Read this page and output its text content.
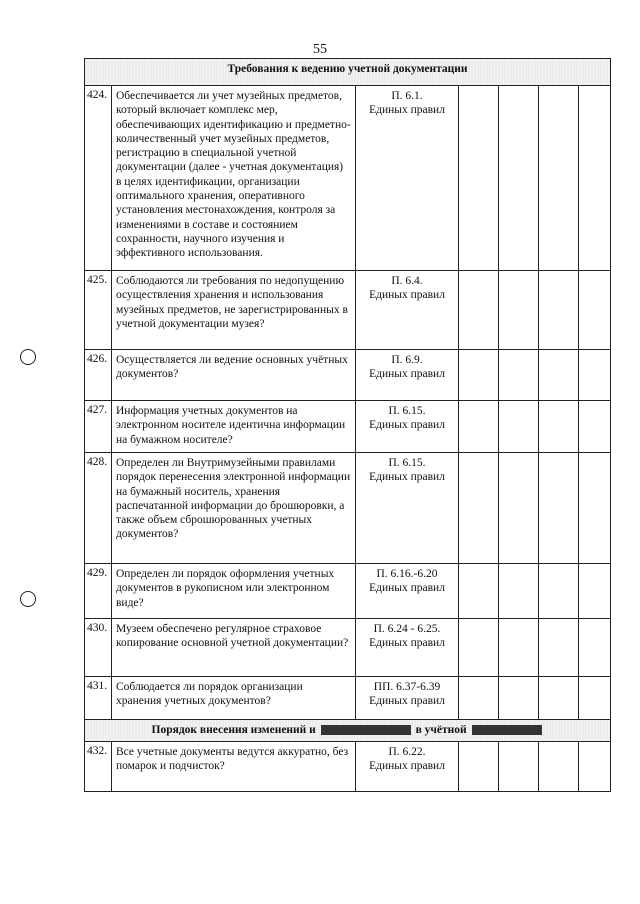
55
Требования к ведению учетной документации						
424.	Обеспечивается ли учет музейных предметов, который включает комплекс мер, обеспечивающих идентификацию и предметно-количественный учет музейных предметов, регистрацию в специальной учетной документации (далее - учетная документация) в целях идентификации, организации оптимального хранения, оперативного установления местонахождения, контроля за изменениями в составе и состоянием сохранности, научного изучения и эффективного использования.	П. 6.1.
Единых правил				
425.	Соблюдаются ли требования по недопущению осуществления хранения и использования музейных предметов, не зарегистрированных в учетной документации музея?	П. 6.4.
Единых правил				
426.	Осуществляется ли ведение основных учётных документов?	П. 6.9.
Единых правил				
427.	Информация учетных документов на электронном носителе идентична информации на бумажном носителе?	П. 6.15.
Единых правил				
428.	Определен ли Внутримузейными правилами порядок перенесения электронной информации на бумажный носитель, хранения распечатанной информации до брошюровки, а также объем сброшюрованных учетных документов?	П. 6.15.
Единых правил				
429.	Определен ли порядок оформления учетных документов в рукописном или электронном виде?	П. 6.16.-6.20 Единых правил				
430.	Музеем обеспечено регулярное страховое копирование основной учетной документации?	П. 6.24 - 6.25.
Единых правил				
431.	Соблюдается ли порядок организации хранения учетных документов?	ПП. 6.37-6.39
Единых правил				
Порядок внесения изменений и в учётной						
432.	Все учетные документы ведутся аккуратно, без помарок и подчисток?	П. 6.22.
Единых правил				
